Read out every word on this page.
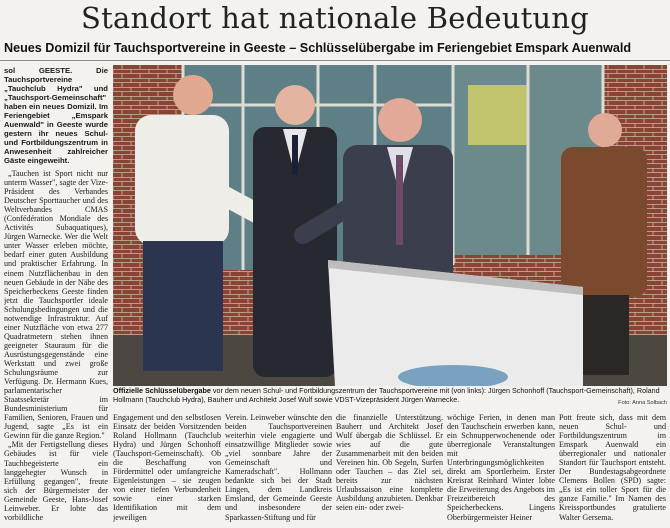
Standort hat nationale Bedeutung
Neues Domizil für Tauchsportvereine in Geeste – Schlüsselübergabe im Feriengebiet Emspark Auenwald

sol GEESTE. Die Tauchsportvereine „Tauchclub Hydra" und „Tauchsport-Gemeinschaft" haben ein neues Domizil. Im Feriengebiet „Emspark Auenwald" in Geeste wurde gestern ihr neues Schul- und Fortbildungszentrum in Anwesenheit zahlreicher Gäste eingeweiht.

„Tauchen ist Sport nicht nur unterm Wasser", sagte der Vize-Präsident des Verbandes Deutscher Sporttaucher und des Weltverbandes CMAS (Confédération Mondiale des Activités Subaquatiques), Jürgen Warnecke. Wer die Welt unter Wasser erleben möchte, bedarf einer guten Ausbildung und praktischer Erfahrung. In einem Nutzflächenbau in den neuen Gebäude in der Nähe des Speicherbeckens Geeste finden jetzt die Tauchsportler ideale Schulungsbedingungen und die notwendige Infrastruktur. Auf einer Nutzfläche von etwa 277 Quadratmetern stehen ihnen geeigneter Stauraum für die Ausrüstungsgegenstände eine Werkstatt und zwei große Schulungsräume zur Verfügung. Dr. Hermann Kues, parlamentarischer Staatssekretär im Bundesministerium für Familien, Senioren, Frauen und Jugend, sagte „Es ist ein Gewinn für die ganze Region."

„Mit der Fertigstellung dieses Gebäudes ist für viele Tauchbegeisterte ein langgehegter Wunsch in Erfüllung gegangen", freute sich der Bürgermeister der Gemeinde Geeste, Hans-Josef Leinweber. Er lobte das vorbildliche

Offizielle Schlüsselübergabe vor dem neuen Schul- und Fortbildungszentrum der Tauchsportvereine mit (von links): Jürgen Schonhoff (Tauchsport-Gemeinschaft), Roland Hollmann (Tauchclub Hydra), Bauherr und Architekt Josef Wulf sowie VDST-Vizepräsident Jürgen Warnecke.	Foto: Anna Solbach

Engagement und den selbstlosen Einsatz der beiden Vorsitzenden Roland Hollmann (Tauchclub Hydra) und Jürgen Schonhoff (Tauchsport-Gemeinschaft). Ob die Beschaffung von Fördermittel oder umfangreiche Eigenleistungen – sie zeugen von einer tiefen Verbundenheit sowie einer starken Identifikation mit dem jeweiligen

Verein. Leinweber wünschte den beiden Tauchsportvereinen weiterhin viele engagierte und einsatzwillige Mitglieder sowie „viel sonnbare Jahre der Gemeinschaft und Kameradschaft". Hollmann bedankte sich bei der Stadt Lingen, dem Landkreis Emsland, der Gemeinde Geeste und insbesondere der Sparkassen-Stiftung und für

die finanzielle Unterstützung. Bauherr und Architekt Josef Wulf übergab die Schlüssel. Er wies auf die gute Zusammenarbeit mit den beiden Vereinen hin. Ob Segeln, Surfen oder Tauchen – das Ziel sei, bereits zur nächsten Urlaubssaison eine komplette Ausbildung anzubieten. Denkbar seien ein- oder zwei-

wöchige Ferien, in denen man den Tauchschein erwerben kann, ein Schnupperwochenende oder überregionale Veranstaltungen mit Unterbringungsmöglichkeiten direkt am Sportlerheim. Erster Kreisrat Reinhard Winter lobte die Erweiterung des Angebots im Freizeitbereich des Speicherbeckens. Lingens Oberbürgermeister Heiner

Pott freute sich, dass mit dem neuen Schul- und Fortbildungszentrum im Emspark Auenwald ein überregionaler und nationaler Standort für Tauchsport entsteht. Der Bundestagsabgeordnete Clemens Bollen (SPD) sagte: „Es ist ein toller Sport für die ganze Familie." Im Namen des Kreissportbundes gratulierte Walter Gersema.
